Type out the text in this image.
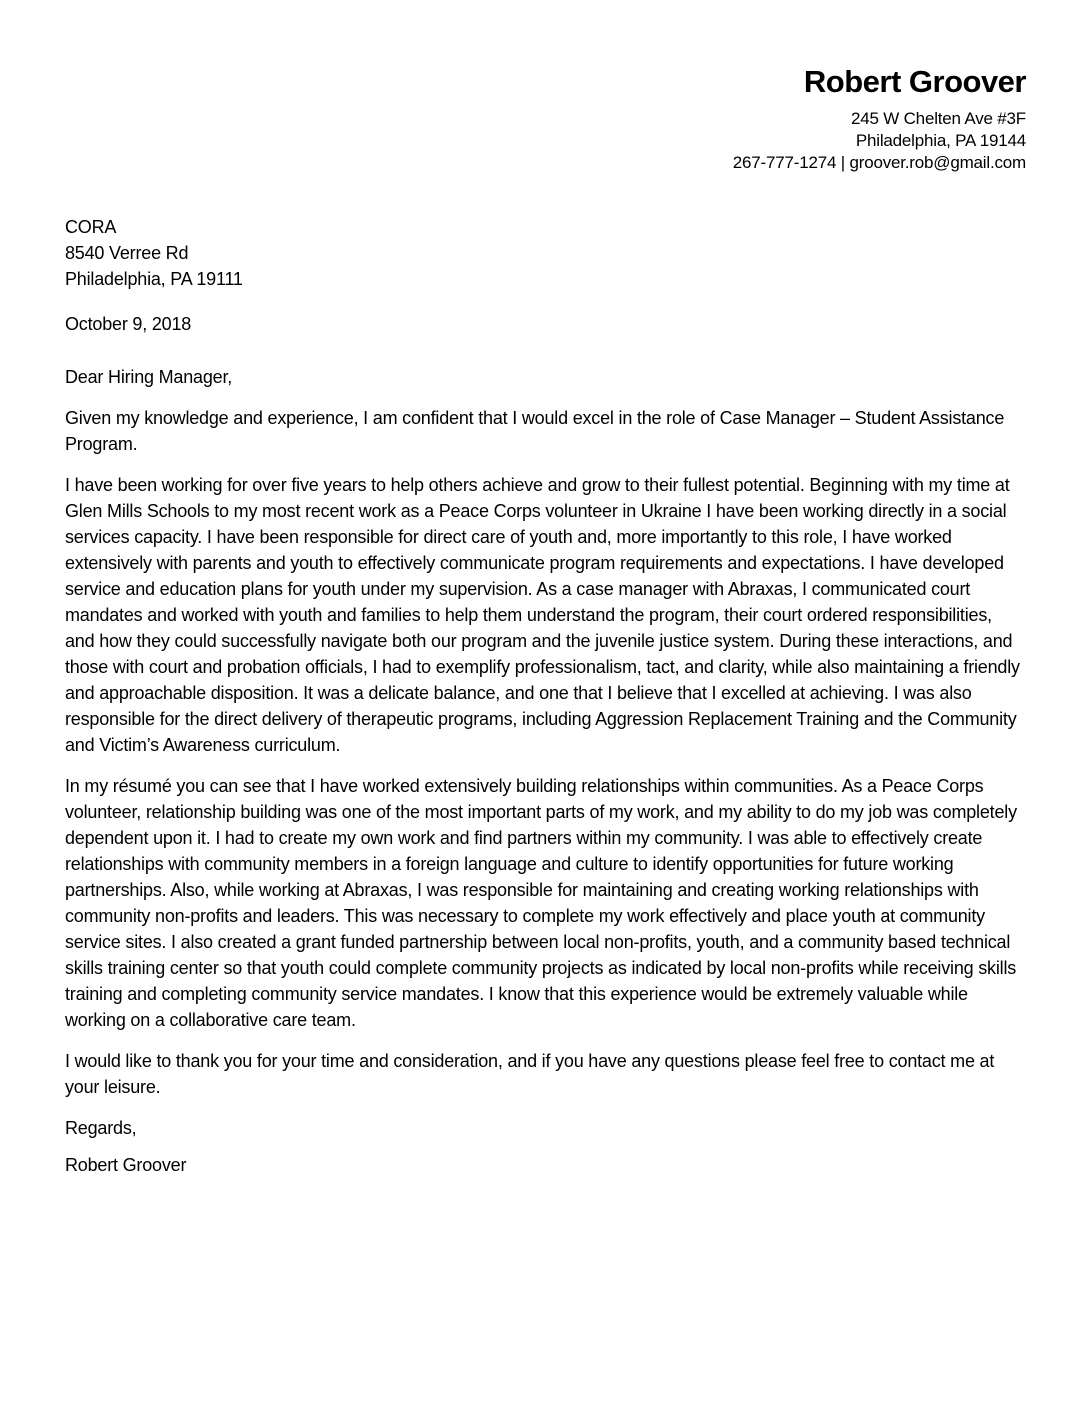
Robert Groover
245 W Chelten Ave #3F
Philadelphia, PA 19144
267-777-1274 | groover.rob@gmail.com
CORA
8540 Verree Rd
Philadelphia, PA 19111
October 9, 2018
Dear Hiring Manager,

Given my knowledge and experience, I am confident that I would excel in the role of Case Manager – Student Assistance Program.

I have been working for over five years to help others achieve and grow to their fullest potential. Beginning with my time at Glen Mills Schools to my most recent work as a Peace Corps volunteer in Ukraine I have been working directly in a social services capacity. I have been responsible for direct care of youth and, more importantly to this role, I have worked extensively with parents and youth to effectively communicate program requirements and expectations. I have developed service and education plans for youth under my supervision. As a case manager with Abraxas, I communicated court mandates and worked with youth and families to help them understand the program, their court ordered responsibilities, and how they could successfully navigate both our program and the juvenile justice system. During these interactions, and those with court and probation officials, I had to exemplify professionalism, tact, and clarity, while also maintaining a friendly and approachable disposition. It was a delicate balance, and one that I believe that I excelled at achieving. I was also responsible for the direct delivery of therapeutic programs, including Aggression Replacement Training and the Community and Victim’s Awareness curriculum.

In my résumé you can see that I have worked extensively building relationships within communities. As a Peace Corps volunteer, relationship building was one of the most important parts of my work, and my ability to do my job was completely dependent upon it. I had to create my own work and find partners within my community. I was able to effectively create relationships with community members in a foreign language and culture to identify opportunities for future working partnerships. Also, while working at Abraxas, I was responsible for maintaining and creating working relationships with community non-profits and leaders. This was necessary to complete my work effectively and place youth at community service sites. I also created a grant funded partnership between local non-profits, youth, and a community based technical skills training center so that youth could complete community projects as indicated by local non-profits while receiving skills training and completing community service mandates. I know that this experience would be extremely valuable while working on a collaborative care team.

I would like to thank you for your time and consideration, and if you have any questions please feel free to contact me at your leisure.

Regards,
Robert Groover
